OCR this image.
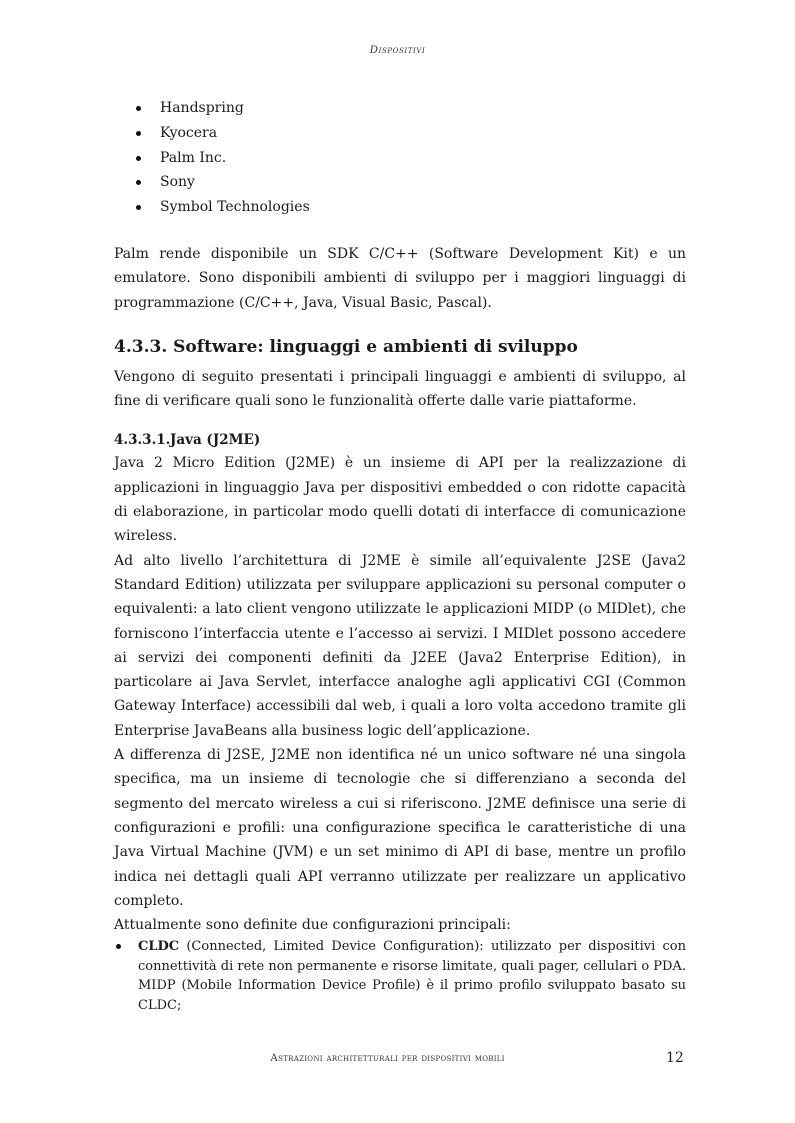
Dispositivi
Handspring
Kyocera
Palm Inc.
Sony
Symbol Technologies

Palm rende disponibile un SDK C/C++ (Software Development Kit) e un emulatore. Sono disponibili ambienti di sviluppo per i maggiori linguaggi di programmazione (C/C++, Java, Visual Basic, Pascal).

4.3.3. Software: linguaggi e ambienti di sviluppo

Vengono di seguito presentati i principali linguaggi e ambienti di sviluppo, al fine di verificare quali sono le funzionalità offerte dalle varie piattaforme.

4.3.3.1.Java (J2ME)

Java 2 Micro Edition (J2ME) è un insieme di API per la realizzazione di applicazioni in linguaggio Java per dispositivi embedded o con ridotte capacità di elaborazione, in particolar modo quelli dotati di interfacce di comunicazione wireless.

Ad alto livello l’architettura di J2ME è simile all’equivalente J2SE (Java2 Standard Edition) utilizzata per sviluppare applicazioni su personal computer o equivalenti: a lato client vengono utilizzate le applicazioni MIDP (o MIDlet), che forniscono l’interfaccia utente e l’accesso ai servizi. I MIDlet possono accedere ai servizi dei componenti definiti da J2EE (Java2 Enterprise Edition), in particolare ai Java Servlet, interfacce analoghe agli applicativi CGI (Common Gateway Interface) accessibili dal web, i quali a loro volta accedono tramite gli Enterprise JavaBeans alla business logic dell’applicazione.

A differenza di J2SE, J2ME non identifica né un unico software né una singola specifica, ma un insieme di tecnologie che si differenziano a seconda del segmento del mercato wireless a cui si riferiscono. J2ME definisce una serie di configurazioni e profili: una configurazione specifica le caratteristiche di una Java Virtual Machine (JVM) e un set minimo di API di base, mentre un profilo indica nei dettagli quali API verranno utilizzate per realizzare un applicativo completo.

Attualmente sono definite due configurazioni principali:

CLDC (Connected, Limited Device Configuration): utilizzato per dispositivi con connettività di rete non permanente e risorse limitate, quali pager, cellulari o PDA. MIDP (Mobile Information Device Profile) è il primo profilo sviluppato basato su CLDC;
Astrazioni architetturali per dispositivi mobili	12
